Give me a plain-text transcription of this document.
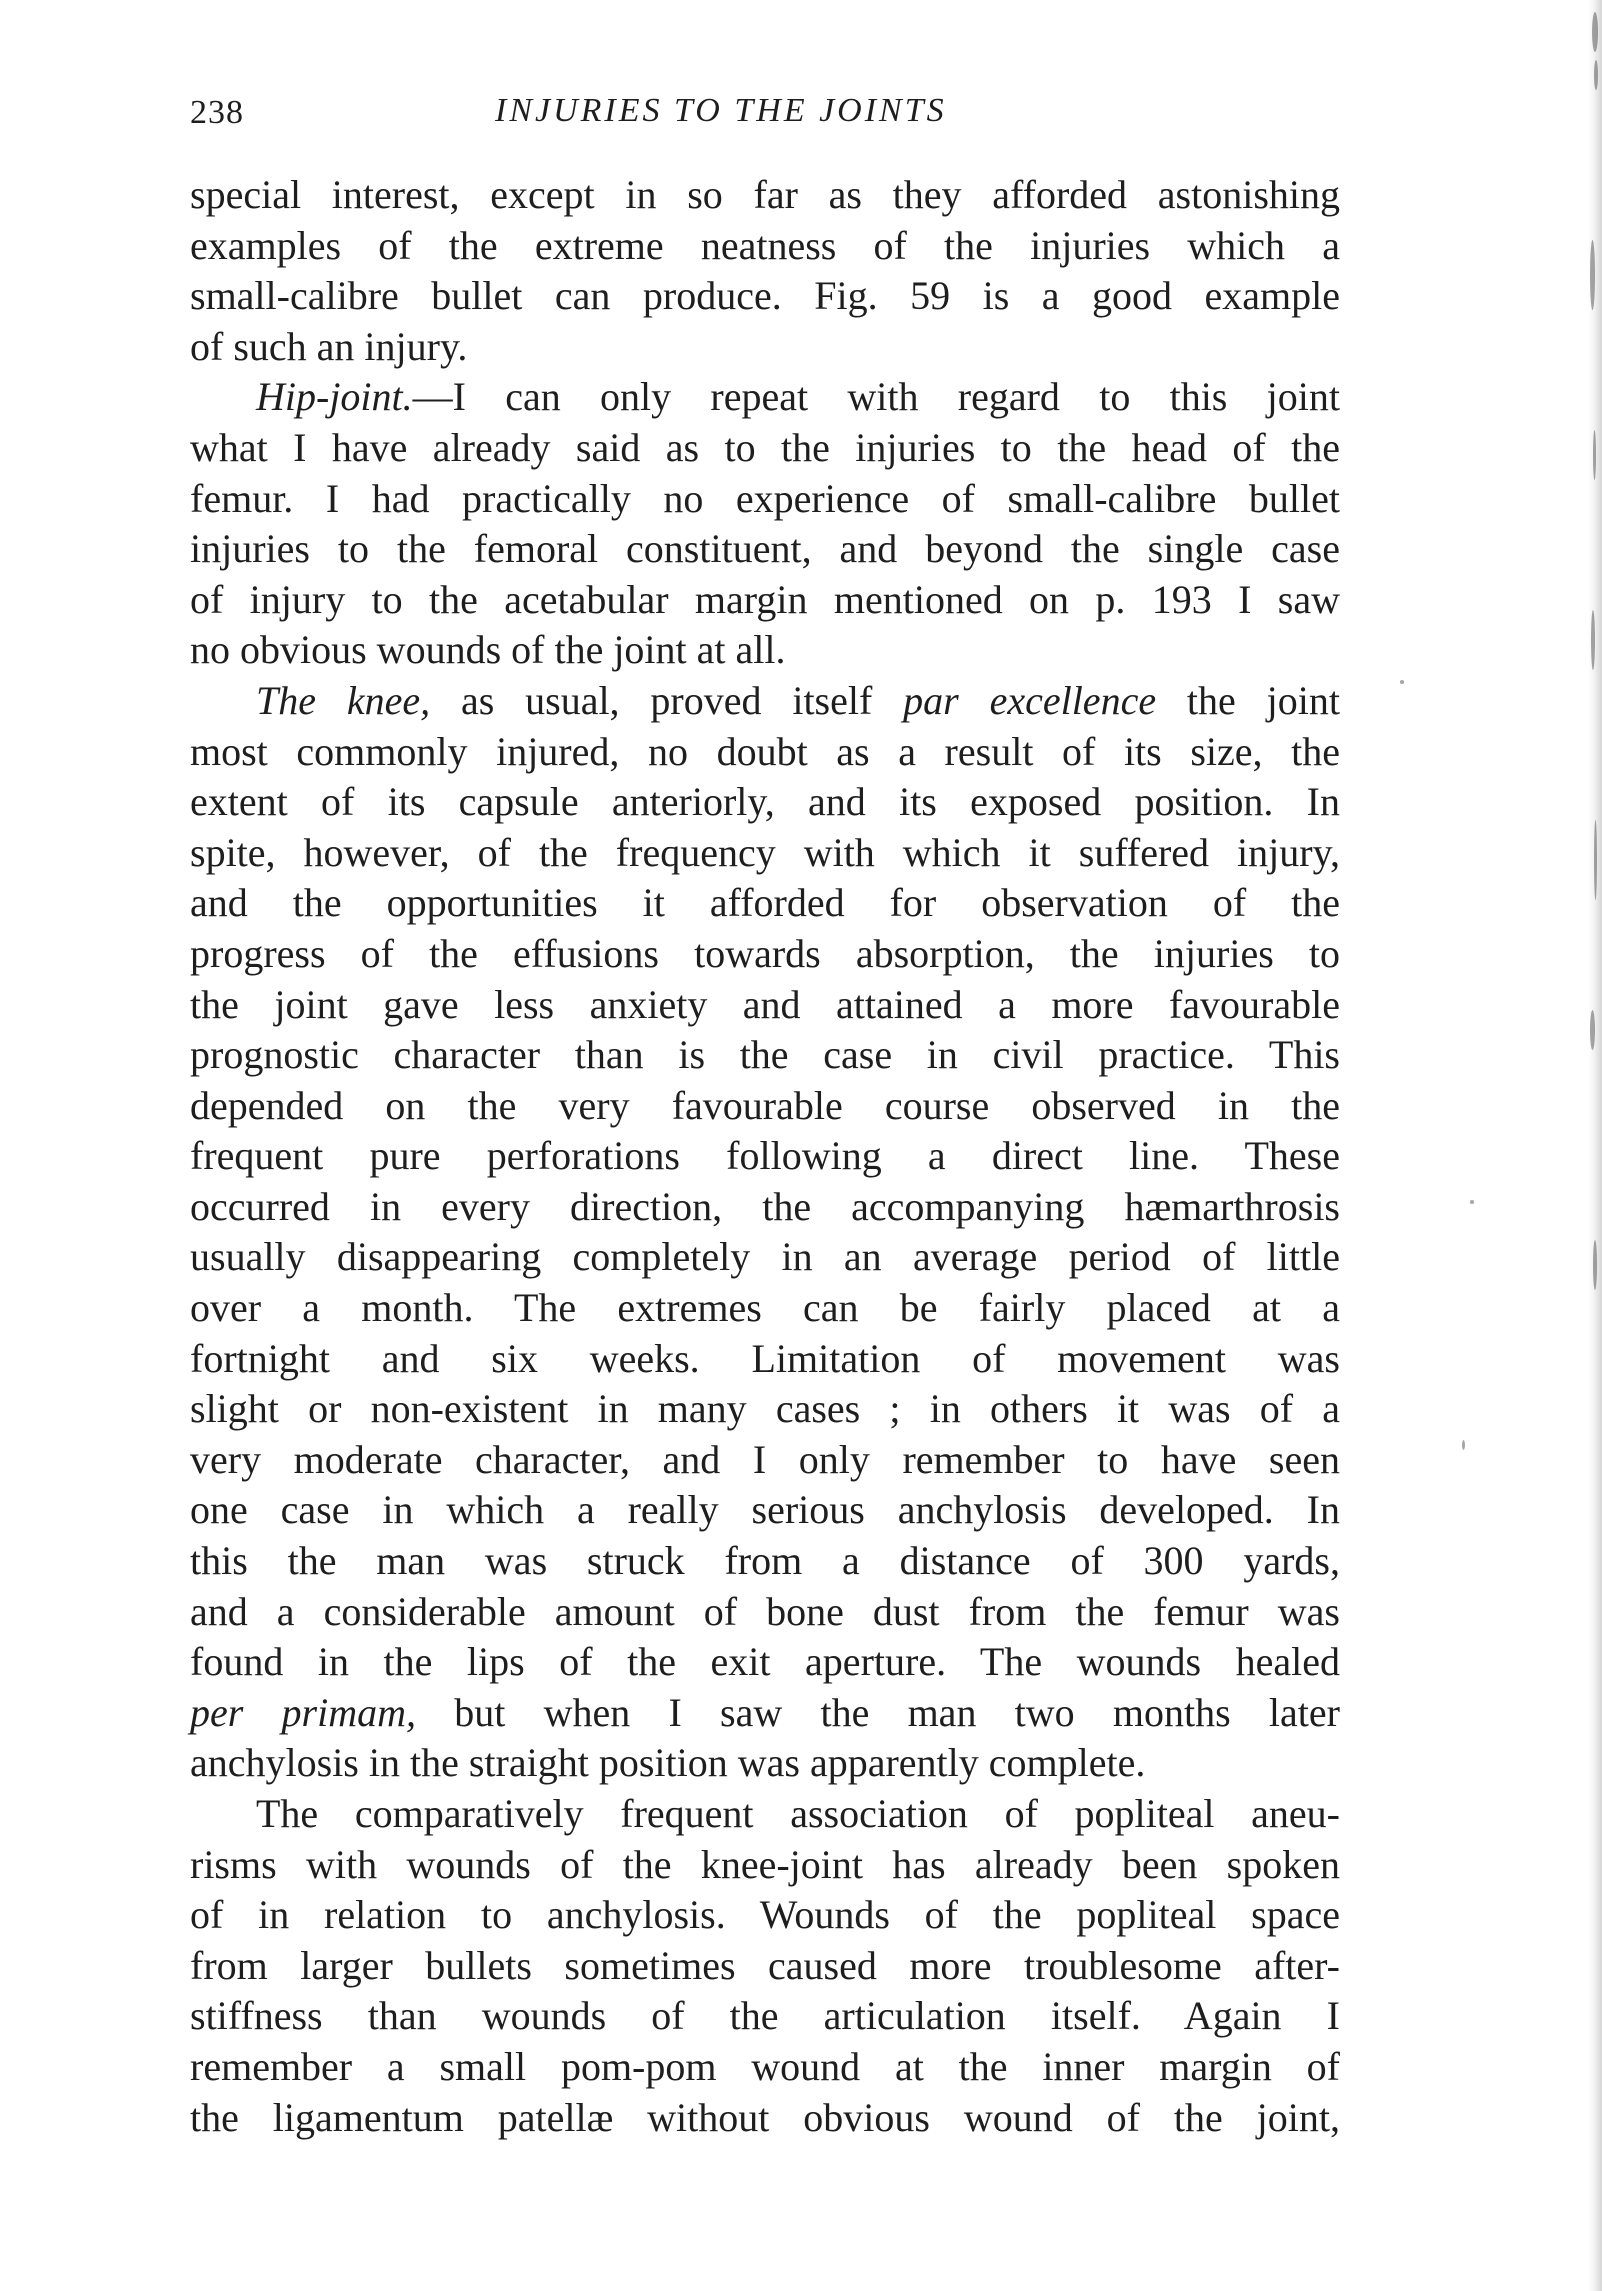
238	INJURIES TO THE JOINTS
special interest, except in so far as they afforded astonishing
examples of the extreme neatness of the injuries which a
small-calibre bullet can produce. Fig. 59 is a good example
of such an injury.
Hip-joint.—I can only repeat with regard to this joint
what I have already said as to the injuries to the head of the
femur. I had practically no experience of small-calibre bullet
injuries to the femoral constituent, and beyond the single case
of injury to the acetabular margin mentioned on p. 193 I saw
no obvious wounds of the joint at all.
The knee, as usual, proved itself par excellence the joint
most commonly injured, no doubt as a result of its size, the
extent of its capsule anteriorly, and its exposed position. In
spite, however, of the frequency with which it suffered injury,
and the opportunities it afforded for observation of the
progress of the effusions towards absorption, the injuries to
the joint gave less anxiety and attained a more favourable
prognostic character than is the case in civil practice. This
depended on the very favourable course observed in the
frequent pure perforations following a direct line. These
occurred in every direction, the accompanying hæmarthrosis
usually disappearing completely in an average period of little
over a month. The extremes can be fairly placed at a
fortnight and six weeks. Limitation of movement was
slight or non-existent in many cases ; in others it was of a
very moderate character, and I only remember to have seen
one case in which a really serious anchylosis developed. In
this the man was struck from a distance of 300 yards,
and a considerable amount of bone dust from the femur was
found in the lips of the exit aperture. The wounds healed
per primam, but when I saw the man two months later
anchylosis in the straight position was apparently complete.
The comparatively frequent association of popliteal aneu-
risms with wounds of the knee-joint has already been spoken
of in relation to anchylosis. Wounds of the popliteal space
from larger bullets sometimes caused more troublesome after-
stiffness than wounds of the articulation itself. Again I
remember a small pom-pom wound at the inner margin of
the ligamentum patellæ without obvious wound of the joint,
